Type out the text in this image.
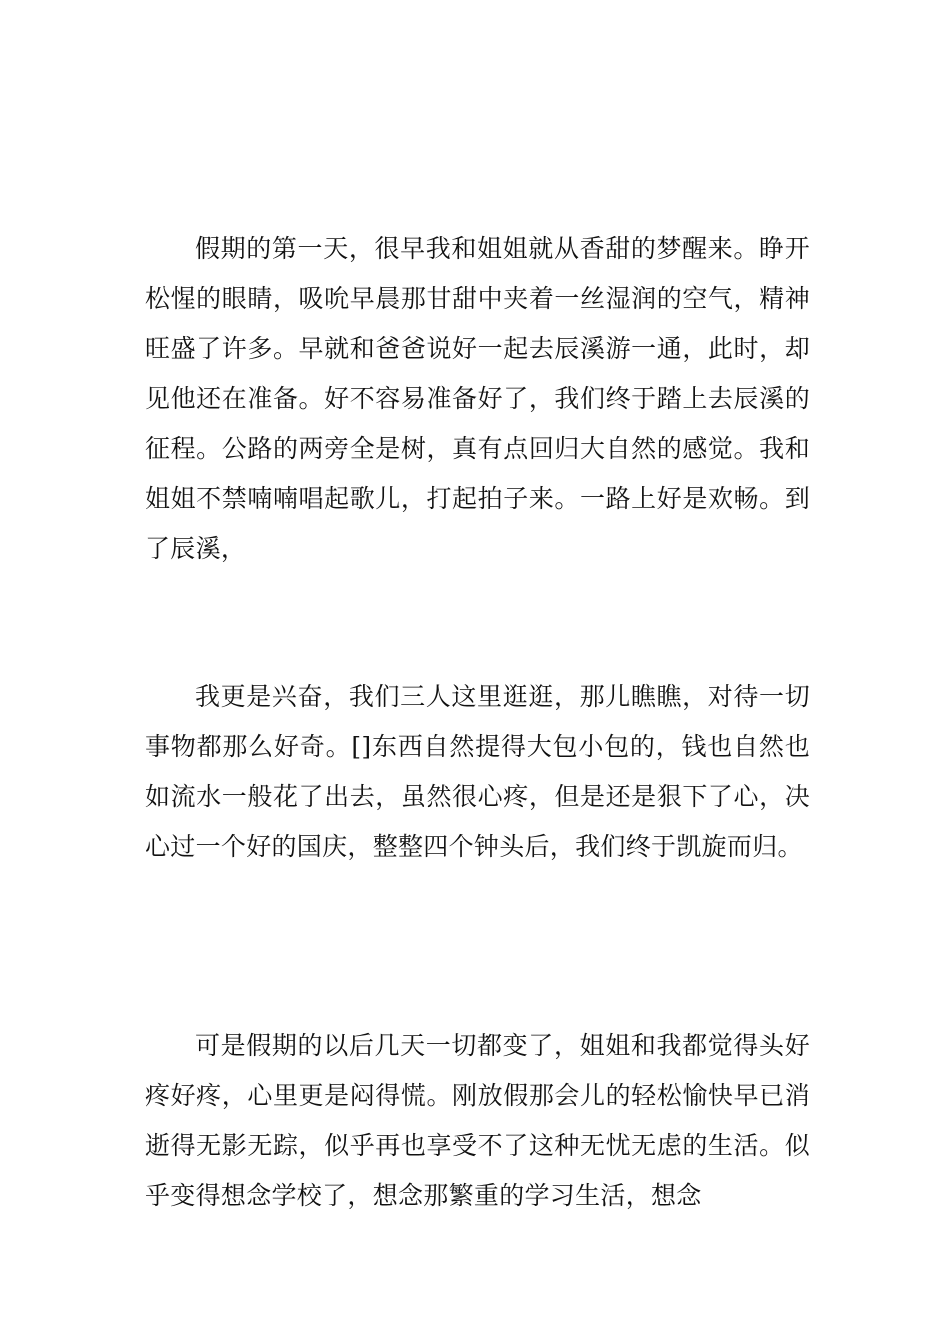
假期的第一天，很早我和姐姐就从香甜的梦醒来。睁开松惺的眼睛，吸吮早晨那甘甜中夹着一丝湿润的空气，精神旺盛了许多。早就和爸爸说好一起去辰溪游一通，此时，却见他还在准备。好不容易准备好了，我们终于踏上去辰溪的征程。公路的两旁全是树，真有点回归大自然的感觉。我和姐姐不禁喃喃唱起歌儿，打起拍子来。一路上好是欢畅。到了辰溪，

我更是兴奋，我们三人这里逛逛，那儿瞧瞧，对待一切事物都那么好奇。[]东西自然提得大包小包的，钱也自然也如流水一般花了出去，虽然很心疼，但是还是狠下了心，决心过一个好的国庆，整整四个钟头后，我们终于凯旋而归。

可是假期的以后几天一切都变了，姐姐和我都觉得头好疼好疼，心里更是闷得慌。刚放假那会儿的轻松愉快早已消逝得无影无踪，似乎再也享受不了这种无忧无虑的生活。似乎变得想念学校了，想念那繁重的学习生活，想念
